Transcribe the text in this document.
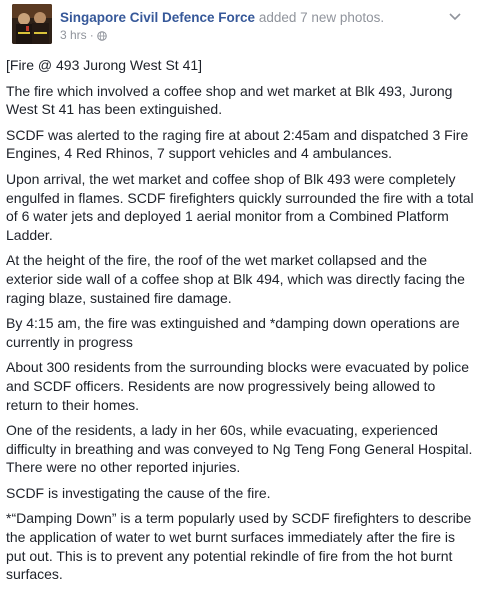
Singapore Civil Defence Force added 7 new photos.
3 hrs ·

[Fire @ 493 Jurong West St 41]

The fire which involved a coffee shop and wet market at Blk 493, Jurong West St 41 has been extinguished.

SCDF was alerted to the raging fire at about 2:45am and dispatched 3 Fire Engines, 4 Red Rhinos, 7 support vehicles and 4 ambulances.

Upon arrival, the wet market and coffee shop of Blk 493 were completely engulfed in flames. SCDF firefighters quickly surrounded the fire with a total of 6 water jets and deployed 1 aerial monitor from a Combined Platform Ladder.

At the height of the fire, the roof of the wet market collapsed and the exterior side wall of a coffee shop at Blk 494, which was directly facing the raging blaze, sustained fire damage.

By 4:15 am, the fire was extinguished and *damping down operations are currently in progress

About 300 residents from the surrounding blocks were evacuated by police and SCDF officers. Residents are now progressively being allowed to return to their homes.

One of the residents, a lady in her 60s, while evacuating, experienced difficulty in breathing and was conveyed to Ng Teng Fong General Hospital. There were no other reported injuries.

SCDF is investigating the cause of the fire.

*“Damping Down” is a term popularly used by SCDF firefighters to describe the application of water to wet burnt surfaces immediately after the fire is put out. This is to prevent any potential rekindle of fire from the hot burnt surfaces.
